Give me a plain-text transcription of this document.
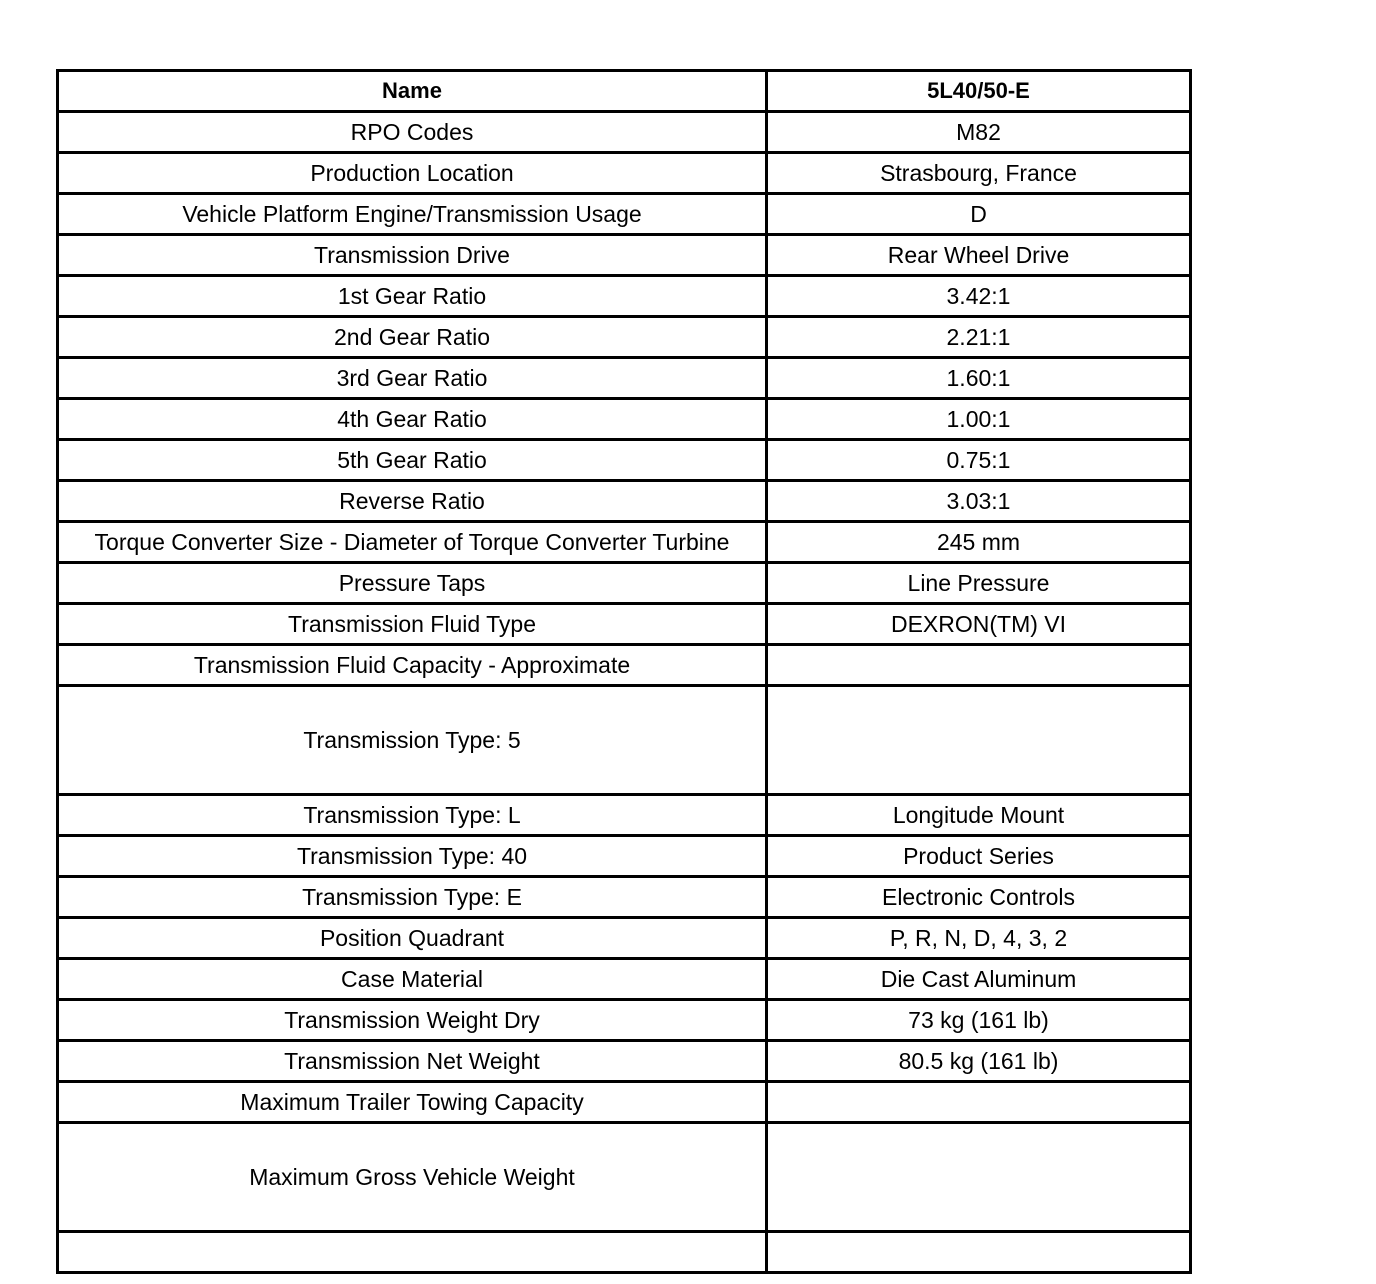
Name	5L40/50-E
RPO Codes	M82
Production Location	Strasbourg, France
Vehicle Platform Engine/Transmission Usage	D
Transmission Drive	Rear Wheel Drive
1st Gear Ratio	3.42:1
2nd Gear Ratio	2.21:1
3rd Gear Ratio	1.60:1
4th Gear Ratio	1.00:1
5th Gear Ratio	0.75:1
Reverse Ratio	3.03:1
Torque Converter Size - Diameter of Torque Converter Turbine	245 mm
Pressure Taps	Line Pressure
Transmission Fluid Type	DEXRON(TM) VI
Transmission Fluid Capacity - Approximate	
Transmission Type: 5	

Transmission Type: L	Longitude Mount
Transmission Type: 40	Product Series
Transmission Type: E	Electronic Controls
Position Quadrant	P, R, N, D, 4, 3, 2
Case Material	Die Cast Aluminum
Transmission Weight Dry	73 kg (161 lb)
Transmission Net Weight	80.5 kg (161 lb)
Maximum Trailer Towing Capacity	
Maximum Gross Vehicle Weight	
